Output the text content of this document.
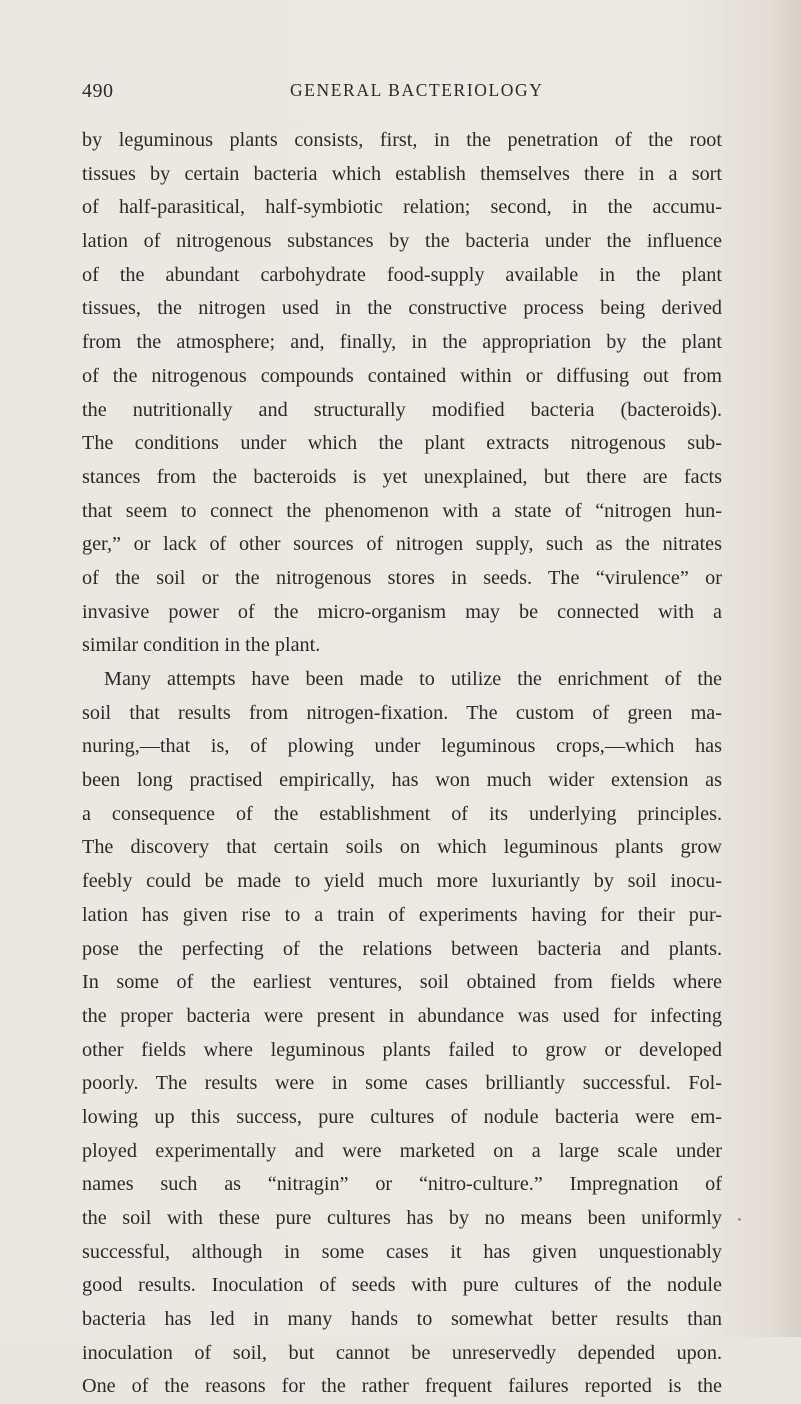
490	GENERAL BACTERIOLOGY
by leguminous plants consists, first, in the penetration of the root
tissues by certain bacteria which establish themselves there in a sort
of half-parasitical, half-symbiotic relation; second, in the accumu-
lation of nitrogenous substances by the bacteria under the influence
of the abundant carbohydrate food-supply available in the plant
tissues, the nitrogen used in the constructive process being derived
from the atmosphere; and, finally, in the appropriation by the plant
of the nitrogenous compounds contained within or diffusing out from
the nutritionally and structurally modified bacteria (bacteroids).
The conditions under which the plant extracts nitrogenous sub-
stances from the bacteroids is yet unexplained, but there are facts
that seem to connect the phenomenon with a state of “nitrogen hun-
ger,” or lack of other sources of nitrogen supply, such as the nitrates
of the soil or the nitrogenous stores in seeds. The “virulence” or
invasive power of the micro-organism may be connected with a
similar condition in the plant.
Many attempts have been made to utilize the enrichment of the
soil that results from nitrogen-fixation. The custom of green ma-
nuring,—that is, of plowing under leguminous crops,—which has
been long practised empirically, has won much wider extension as
a consequence of the establishment of its underlying principles.
The discovery that certain soils on which leguminous plants grow
feebly could be made to yield much more luxuriantly by soil inocu-
lation has given rise to a train of experiments having for their pur-
pose the perfecting of the relations between bacteria and plants.
In some of the earliest ventures, soil obtained from fields where
the proper bacteria were present in abundance was used for infecting
other fields where leguminous plants failed to grow or developed
poorly. The results were in some cases brilliantly successful. Fol-
lowing up this success, pure cultures of nodule bacteria were em-
ployed experimentally and were marketed on a large scale under
names such as “nitragin” or “nitro-culture.” Impregnation of
the soil with these pure cultures has by no means been uniformly
successful, although in some cases it has given unquestionably
good results. Inoculation of seeds with pure cultures of the nodule
bacteria has led in many hands to somewhat better results than
inoculation of soil, but cannot be unreservedly depended upon.
One of the reasons for the rather frequent failures reported is the
